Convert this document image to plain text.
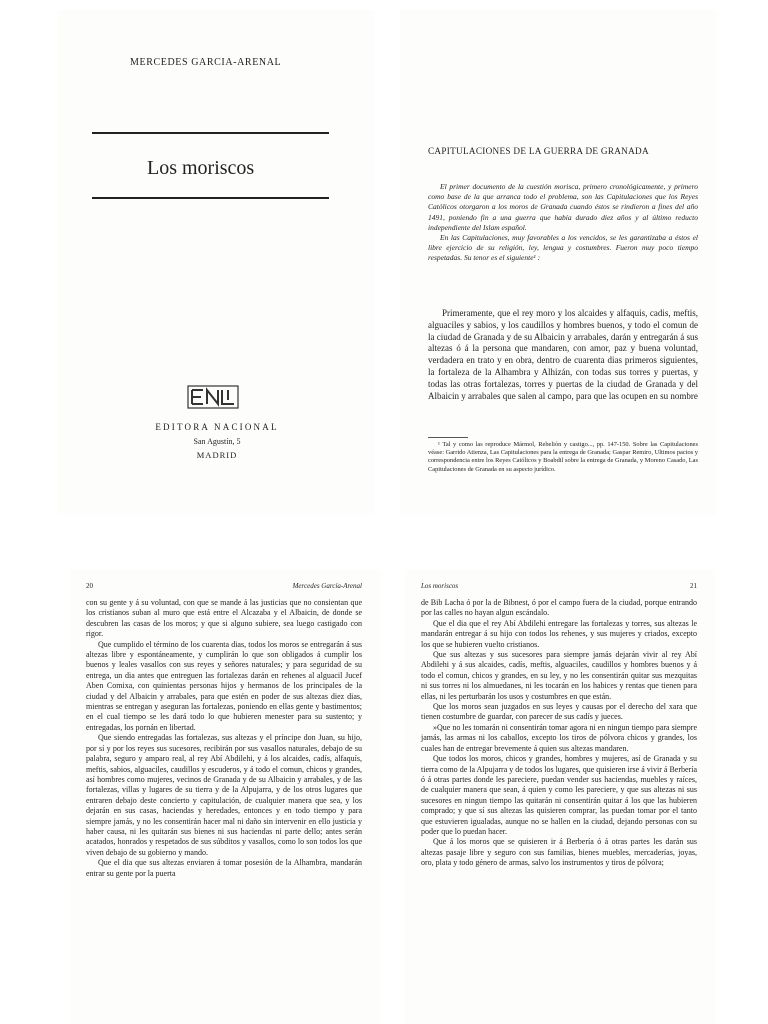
MERCEDES GARCIA-ARENAL
Los moriscos
EDITORA NACIONAL
San Agustín, 5
MADRID
CAPITULACIONES DE LA GUERRA DE GRANADA

El primer documento de la cuestión morisca, primero cronológicamente, y primero como base de la que arranca todo el problema, son las Capitulaciones que los Reyes Católicos otorgaron a los moros de Granada cuando éstos se rindieron a fines del año 1491, poniendo fin a una guerra que había durado diez años y al último reducto independiente del Islam español.

En las Capitulaciones, muy favorables a los vencidos, se les garantizaba a éstos el libre ejercicio de su religión, ley, lengua y costumbres. Fueron muy poco tiempo respetadas. Su tenor es el siguiente¹ :

Primeramente, que el rey moro y los alcaides y alfaquis, cadis, meftis, alguaciles y sabios, y los caudillos y hombres buenos, y todo el comun de la ciudad de Granada y de su Albaicin y arrabales, darán y entregarán á sus altezas ó á la persona que mandaren, con amor, paz y buena voluntad, verdadera en trato y en obra, dentro de cuarenta dias primeros siguientes, la fortaleza de la Alhambra y Alhizán, con todas sus torres y puertas, y todas las otras fortalezas, torres y puertas de la ciudad de Granada y del Albaicin y arrabales que salen al campo, para que las ocupen en su nombre

¹ Tal y como las reproduce Mármol, Rebelión y castigo..., pp. 147-150. Sobre las Capitulaciones véase: Garrido Atienza, Las Capitulaciones para la entrega de Granada; Gaspar Remiro, Ultimos pactos y correspondencia entre los Reyes Católicos y Boabdil sobre la entrega de Granada, y Moreno Casado, Las Capitulaciones de Granada en su aspecto jurídico.

20	Mercedes García-Arenal

con su gente y á su voluntad, con que se mande á las justicias que no consientan que los cristianos suban al muro que está entre el Alcazaba y el Albaicin, de donde se descubren las casas de los moros; y que si alguno subiere, sea luego castigado con rigor.

Que cumplido el término de los cuarenta dias, todos los moros se entregarán á sus altezas libre y espontáneamente, y cumplirán lo que son obligados á cumplir los buenos y leales vasallos con sus reyes y señores naturales; y para seguridad de su entrega, un dia antes que entreguen las fortalezas darán en rehenes al alguacil Jucef Aben Comixa, con quinientas personas hijos y hermanos de los principales de la ciudad y del Albaicin y arrabales, para que estén en poder de sus altezas diez dias, mientras se entregan y aseguran las fortalezas, poniendo en ellas gente y bastimentos; en el cual tiempo se les dará todo lo que hubieren menester para su sustento; y entregadas, los pornán en libertad.

Que siendo entregadas las fortalezas, sus altezas y el príncipe don Juan, su hijo, por sí y por los reyes sus sucesores, recibirán por sus vasallos naturales, debajo de su palabra, seguro y amparo real, al rey Abí Abdilehi, y á los alcaides, cadís, alfaquís, meftis, sabios, alguaciles, caudillos y escuderos, y á todo el comun, chicos y grandes, así hombres como mujeres, vecinos de Granada y de su Albaicin y arrabales, y de las fortalezas, villas y lugares de su tierra y de la Alpujarra, y de los otros lugares que entraren debajo deste concierto y capitulación, de cualquier manera que sea, y los dejarán en sus casas, haciendas y heredades, entonces y en todo tiempo y para siempre jamás, y no les consentirán hacer mal ni daño sin intervenir en ello justicia y haber causa, ni les quitarán sus bienes ni sus haciendas ni parte dello; antes serán acatados, honrados y respetados de sus súbditos y vasallos, como lo son todos los que viven debajo de su gobierno y mando.

Que el dia que sus altezas enviaren á tomar posesión de la Alhambra, mandarán entrar su gente por la puerta

Los moriscos	21

de Bib Lacha ó por la de Bibnest, ó por el campo fuera de la ciudad, porque entrando por las calles no hayan algun escándalo.

Que el dia que el rey Abí Abdilehi entregare las fortalezas y torres, sus altezas le mandarán entregar á su hijo con todos los rehenes, y sus mujeres y criados, excepto los que se hubieren vuelto cristianos.

Que sus altezas y sus sucesores para siempre jamás dejarán vivir al rey Abí Abdilehi y á sus alcaides, cadís, meftis, alguaciles, caudillos y hombres buenos y á todo el comun, chicos y grandes, en su ley, y no les consentirán quitar sus mezquitas ni sus torres ni los almuedanes, ni les tocarán en los habices y rentas que tienen para ellas, ni les perturbarán los usos y costumbres en que están.

Que los moros sean juzgados en sus leyes y causas por el derecho del xara que tienen costumbre de guardar, con parecer de sus cadís y jueces.

»Que no les tomarán ni consentirán tomar agora ni en ningun tiempo para siempre jamás, las armas ni los caballos, excepto los tiros de pólvora chicos y grandes, los cuales han de entregar brevemente á quien sus altezas mandaren.

Que todos los moros, chicos y grandes, hombres y mujeres, así de Granada y su tierra como de la Alpujarra y de todos los lugares, que quisieren irse á vivir á Berbería ó á otras partes donde les pareciere, puedan vender sus haciendas, muebles y raíces, de cualquier manera que sean, á quien y como les pareciere, y que sus altezas ni sus sucesores en ningun tiempo las quitarán ni consentirán quitar á los que las hubieren comprado; y que sí sus altezas las quisieren comprar, las puedan tomar por el tanto que estuvieren igualadas, aunque no se hallen en la ciudad, dejando personas con su poder que lo puedan hacer.

Que á los moros que se quisieren ir á Berbería ó á otras partes les darán sus altezas pasaje libre y seguro con sus familias, bienes muebles, mercaderías, joyas, oro, plata y todo género de armas, salvo los instrumentos y tiros de pólvora;
